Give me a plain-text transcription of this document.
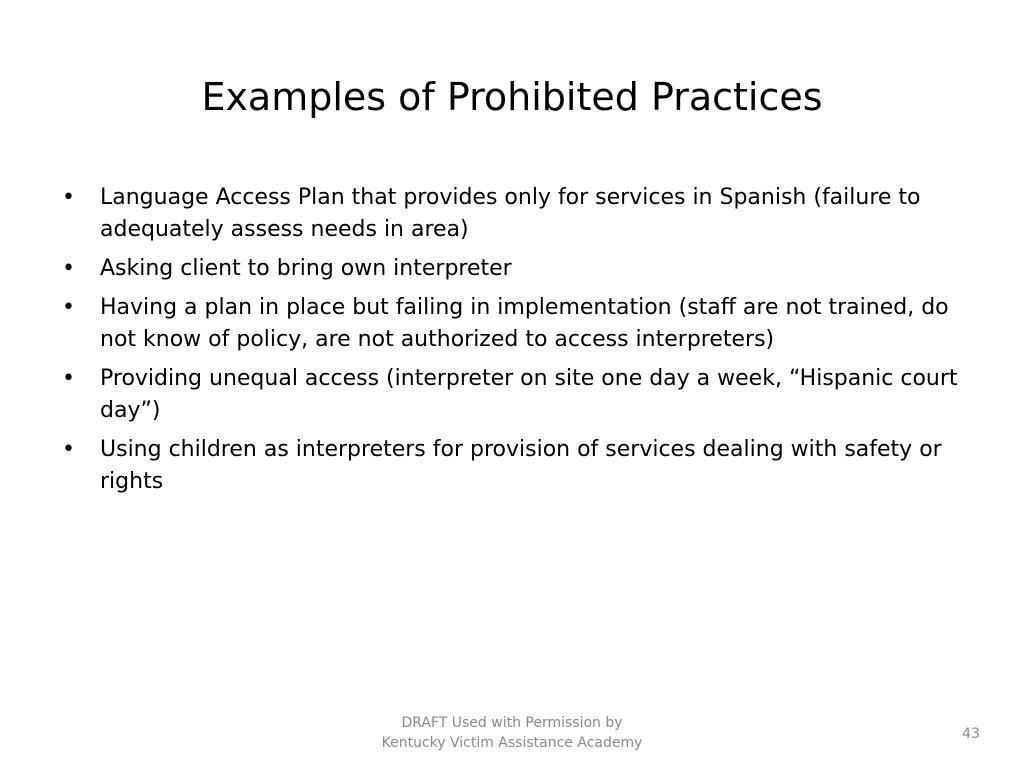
Examples of Prohibited Practices
•	Language Access Plan that provides only for services in Spanish (failure to adequately assess needs in area)
•	Asking client to bring own interpreter
•	Having a plan in place but failing in implementation (staff are not trained, do not know of policy, are not authorized to access interpreters)
•	Providing unequal access (interpreter on site one day a week, “Hispanic court day”)
•	Using children as interpreters for provision of services dealing with safety or rights
DRAFT Used with Permission by
Kentucky Victim Assistance Academy
43
